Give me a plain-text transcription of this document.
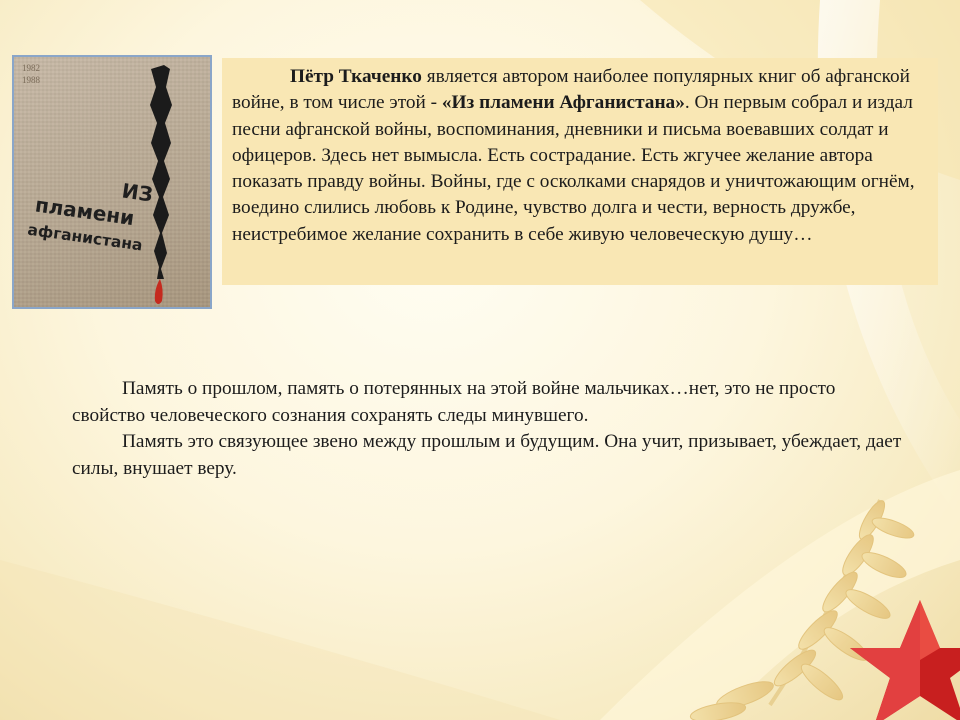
1982
1988
ИЗ
пламени
афганистана

Пётр Ткаченко является автором наиболее популярных книг об афганской войне, в том числе этой - «Из пламени Афганистана». Он первым собрал и издал песни афганской войны, воспоминания, дневники и письма воевавших солдат и офицеров. Здесь нет вымысла. Есть сострадание. Есть жгучее желание автора показать правду войны. Войны, где с осколками снарядов и уничтожающим огнём, воедино слились любовь к Родине, чувство долга и чести, верность дружбе, неистребимое желание сохранить в себе живую человеческую душу…

Память о прошлом, память о потерянных на этой войне мальчиках…нет, это не просто свойство человеческого сознания сохранять следы минувшего.

Память это связующее звено между прошлым и будущим. Она учит, призывает, убеждает, дает силы, внушает веру.
